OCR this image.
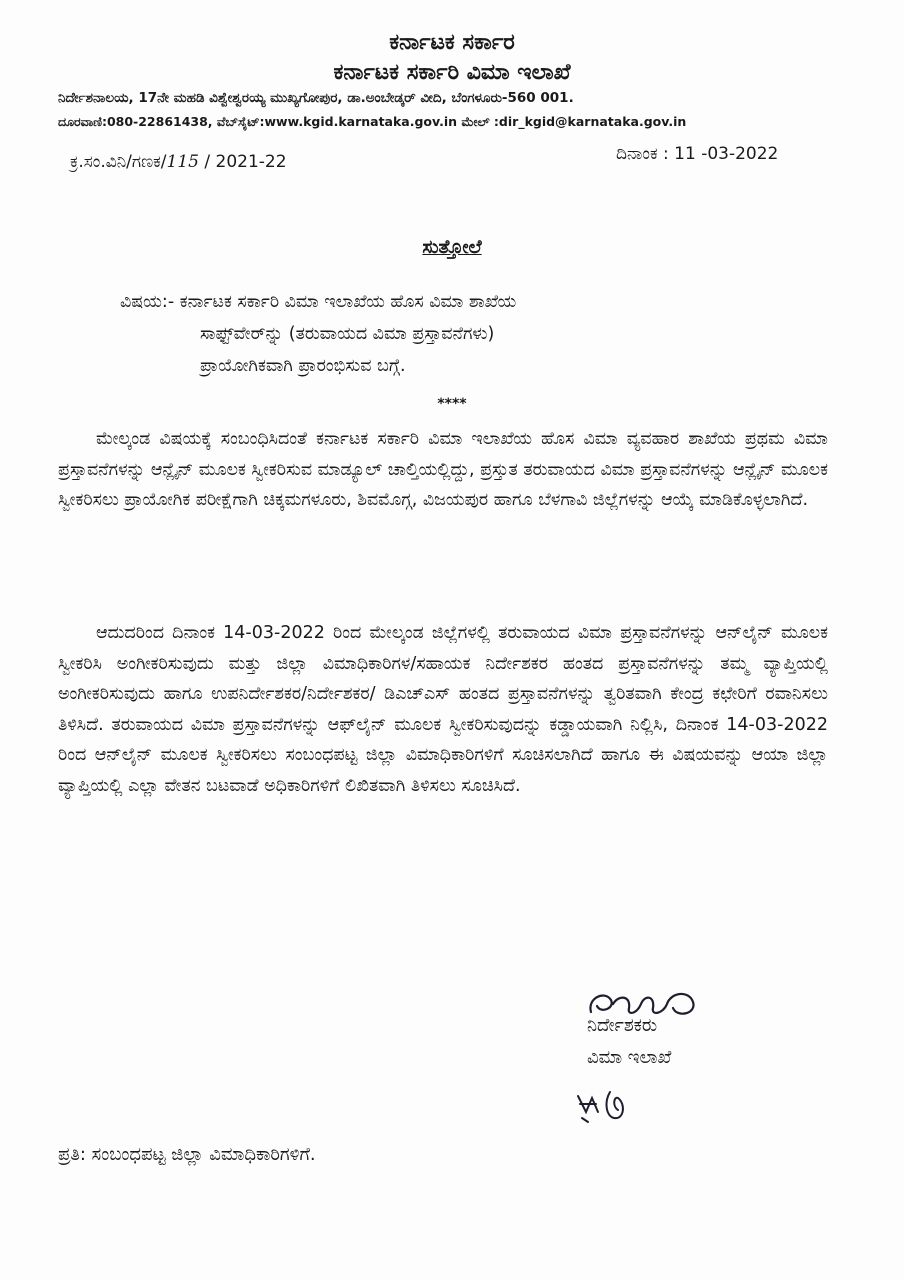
ಕರ್ನಾಟಕ ಸರ್ಕಾರ
ಕರ್ನಾಟಕ ಸರ್ಕಾರಿ ವಿಮಾ ಇಲಾಖೆ
ನಿರ್ದೇಶನಾಲಯ, 17ನೇ ಮಹಡಿ ವಿಶ್ವೇಶ್ವರಯ್ಯ ಮುಖ್ಯಗೋಪುರ, ಡಾ.ಅಂಬೇಡ್ಕರ್ ವೀದಿ, ಬೆಂಗಳೂರು-560 001.
ದೂರವಾಣಿ:080-22861438, ವೆಬ್‌ಸೈಟ್:www.kgid.karnataka.gov.in ಮೇಲ್ :dir_kgid@karnataka.gov.in
ಕ್ರ.ಸಂ.ವಿನಿ/ಗಣಕ/115 / 2021-22	ದಿನಾಂಕ : 11 -03-2022
ಸುತ್ತೋಲೆ
ವಿಷಯ:- ಕರ್ನಾಟಕ ಸರ್ಕಾರಿ ವಿಮಾ ಇಲಾಖೆಯ ಹೊಸ ವಿಮಾ ಶಾಖೆಯ
ಸಾಫ್ಟ್‌ವೇರ್‌ನ್ನು (ತರುವಾಯದ ವಿಮಾ ಪ್ರಸ್ತಾವನೆಗಳು)
ಪ್ರಾಯೋಗಿಕವಾಗಿ ಪ್ರಾರಂಭಿಸುವ ಬಗ್ಗೆ.
****
ಮೇಲ್ಕಂಡ ವಿಷಯಕ್ಕೆ ಸಂಬಂಧಿಸಿದಂತೆ ಕರ್ನಾಟಕ ಸರ್ಕಾರಿ ವಿಮಾ ಇಲಾಖೆಯ ಹೊಸ ವಿಮಾ ವ್ಯವಹಾರ ಶಾಖೆಯ ಪ್ರಥಮ ವಿಮಾ ಪ್ರಸ್ತಾವನೆಗಳನ್ನು ಆನ್ಲೈನ್ ಮೂಲಕ ಸ್ವೀಕರಿಸುವ ಮಾಡ್ಯೂಲ್ ಚಾಲ್ತಿಯಲ್ಲಿದ್ದು, ಪ್ರಸ್ತುತ ತರುವಾಯದ ವಿಮಾ ಪ್ರಸ್ತಾವನೆಗಳನ್ನು ಆನ್ಲೈನ್ ಮೂಲಕ ಸ್ವೀಕರಿಸಲು ಪ್ರಾಯೋಗಿಕ ಪರೀಕ್ಷೆಗಾಗಿ ಚಿಕ್ಕಮಗಳೂರು, ಶಿವಮೊಗ್ಗ, ವಿಜಯಪುರ ಹಾಗೂ ಬೆಳಗಾವಿ ಜಿಲ್ಲೆಗಳನ್ನು ಆಯ್ಕೆ ಮಾಡಿಕೊಳ್ಳಲಾಗಿದೆ.
ಆದುದರಿಂದ ದಿನಾಂಕ 14-03-2022 ರಿಂದ ಮೇಲ್ಕಂಡ ಜಿಲ್ಲೆಗಳಲ್ಲಿ ತರುವಾಯದ ವಿಮಾ ಪ್ರಸ್ತಾವನೆಗಳನ್ನು ಆನ್‌ಲೈನ್ ಮೂಲಕ ಸ್ವೀಕರಿಸಿ ಅಂಗೀಕರಿಸುವುದು ಮತ್ತು ಜಿಲ್ಲಾ ವಿಮಾಧಿಕಾರಿಗಳ/ಸಹಾಯಕ ನಿರ್ದೇಶಕರ ಹಂತದ ಪ್ರಸ್ತಾವನೆಗಳನ್ನು ತಮ್ಮ ವ್ಯಾಪ್ತಿಯಲ್ಲಿ ಅಂಗೀಕರಿಸುವುದು ಹಾಗೂ ಉಪನಿರ್ದೇಶಕರ/ನಿರ್ದೇಶಕರ/ ಡಿಎಚ್‌ಎಸ್ ಹಂತದ ಪ್ರಸ್ತಾವನೆಗಳನ್ನು ತ್ವರಿತವಾಗಿ ಕೇಂದ್ರ ಕಛೇರಿಗೆ ರವಾನಿಸಲು ತಿಳಿಸಿದೆ. ತರುವಾಯದ ವಿಮಾ ಪ್ರಸ್ತಾವನೆಗಳನ್ನು ಆಫ್‌ಲೈನ್ ಮೂಲಕ ಸ್ವೀಕರಿಸುವುದನ್ನು ಕಡ್ಡಾಯವಾಗಿ ನಿಲ್ಲಿಸಿ, ದಿನಾಂಕ 14-03-2022 ರಿಂದ ಆನ್‌ಲೈನ್ ಮೂಲಕ ಸ್ವೀಕರಿಸಲು ಸಂಬಂಧಪಟ್ಟ ಜಿಲ್ಲಾ ವಿಮಾಧಿಕಾರಿಗಳಿಗೆ ಸೂಚಿಸಲಾಗಿದೆ ಹಾಗೂ ಈ ವಿಷಯವನ್ನು ಆಯಾ ಜಿಲ್ಲಾ ವ್ಯಾಪ್ತಿಯಲ್ಲಿ ಎಲ್ಲಾ ವೇತನ ಬಟವಾಡೆ ಅಧಿಕಾರಿಗಳಿಗೆ ಲಿಖಿತವಾಗಿ ತಿಳಿಸಲು ಸೂಚಿಸಿದೆ.
ನಿರ್ದೇಶಕರು
ವಿಮಾ ಇಲಾಖೆ
ಪ್ರತಿ: ಸಂಬಂಧಪಟ್ಟ ಜಿಲ್ಲಾ ವಿಮಾಧಿಕಾರಿಗಳಿಗೆ.
